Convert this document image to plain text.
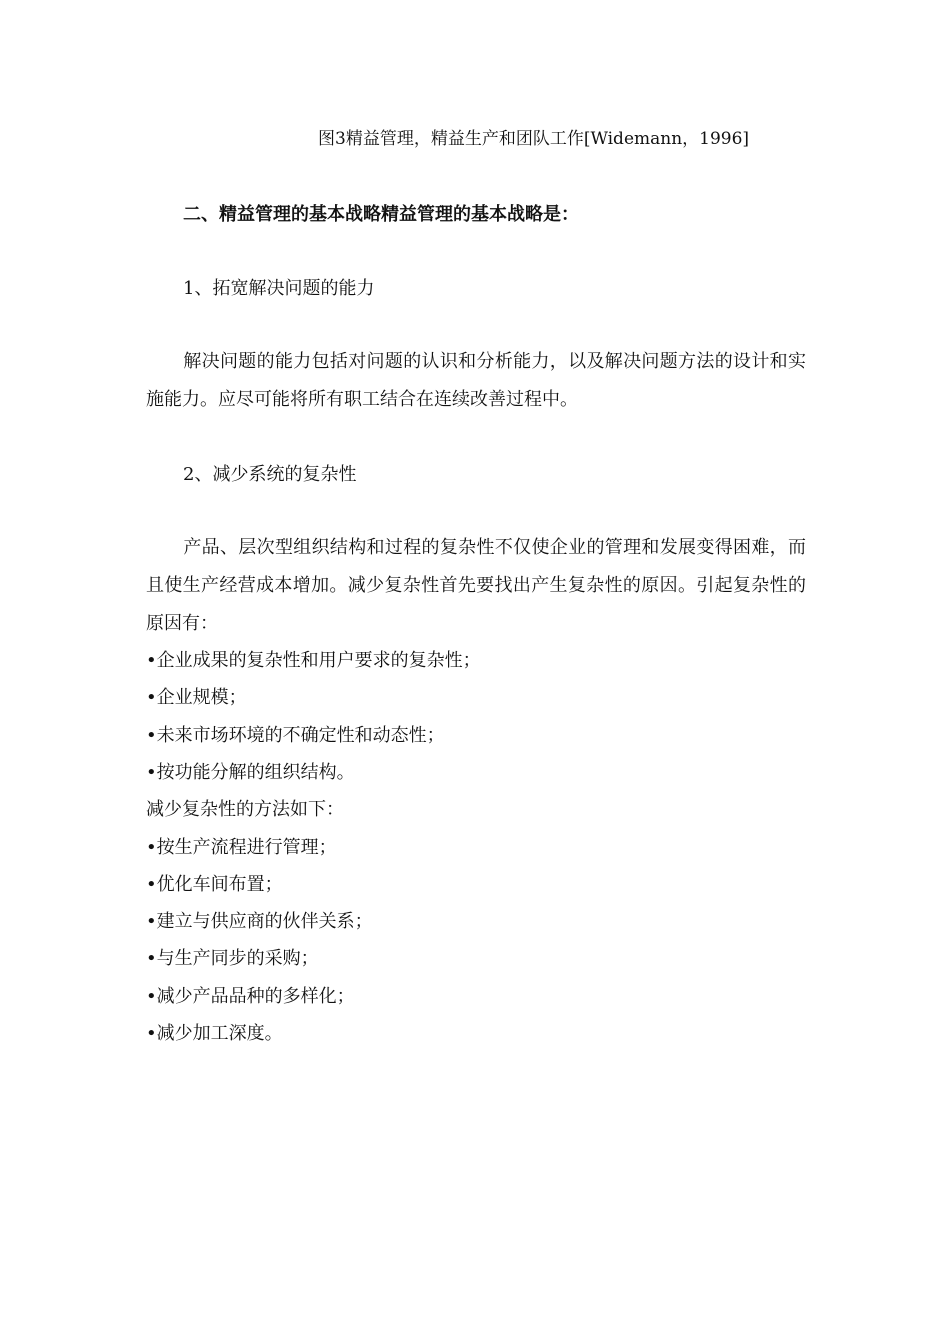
图3精益管理，精益生产和团队工作[Widemann，1996]
二、精益管理的基本战略精益管理的基本战略是：
1、拓宽解决问题的能力
解决问题的能力包括对问题的认识和分析能力，以及解决问题方法的设计和实施能力。应尽可能将所有职工结合在连续改善过程中。
2、减少系统的复杂性
产品、层次型组织结构和过程的复杂性不仅使企业的管理和发展变得困难，而且使生产经营成本增加。减少复杂性首先要找出产生复杂性的原因。引起复杂性的原因有：
•企业成果的复杂性和用户要求的复杂性；
•企业规模；
•未来市场环境的不确定性和动态性；
•按功能分解的组织结构。
减少复杂性的方法如下：
•按生产流程进行管理；
•优化车间布置；
•建立与供应商的伙伴关系；
•与生产同步的采购；
•减少产品品种的多样化；
•减少加工深度。
